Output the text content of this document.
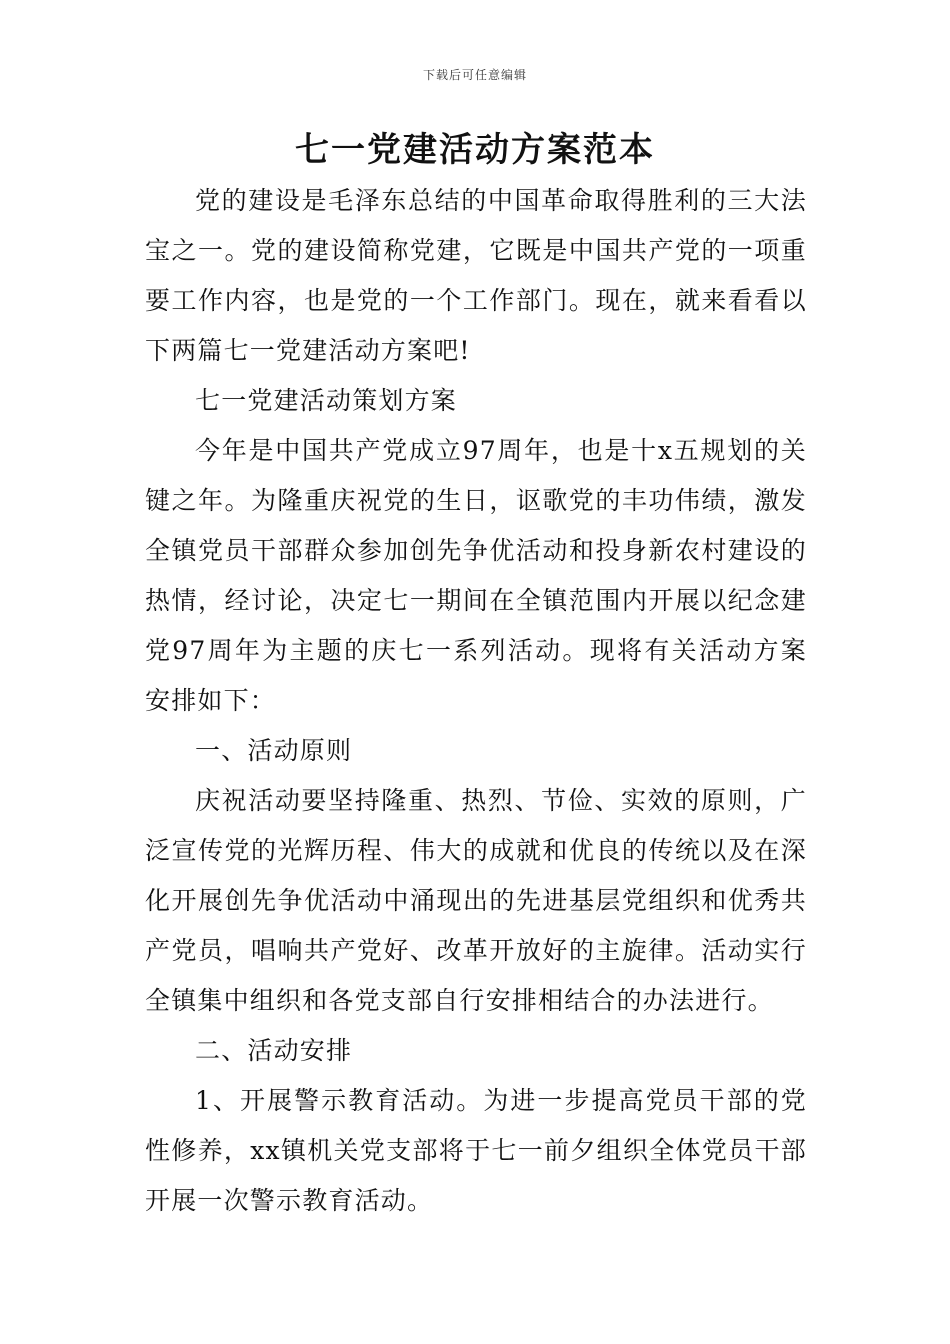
下载后可任意编辑
七一党建活动方案范本

党的建设是毛泽东总结的中国革命取得胜利的三大法宝之一。党的建设简称党建，它既是中国共产党的一项重要工作内容，也是党的一个工作部门。现在，就来看看以下两篇七一党建活动方案吧!

七一党建活动策划方案

今年是中国共产党成立97周年，也是十x五规划的关键之年。为隆重庆祝党的生日，讴歌党的丰功伟绩，激发全镇党员干部群众参加创先争优活动和投身新农村建设的热情，经讨论，决定七一期间在全镇范围内开展以纪念建党97周年为主题的庆七一系列活动。现将有关活动方案安排如下：

一、活动原则

庆祝活动要坚持隆重、热烈、节俭、实效的原则，广泛宣传党的光辉历程、伟大的成就和优良的传统以及在深化开展创先争优活动中涌现出的先进基层党组织和优秀共产党员，唱响共产党好、改革开放好的主旋律。活动实行全镇集中组织和各党支部自行安排相结合的办法进行。

二、活动安排

1、开展警示教育活动。为进一步提高党员干部的党性修养，xx镇机关党支部将于七一前夕组织全体党员干部开展一次警示教育活动。
